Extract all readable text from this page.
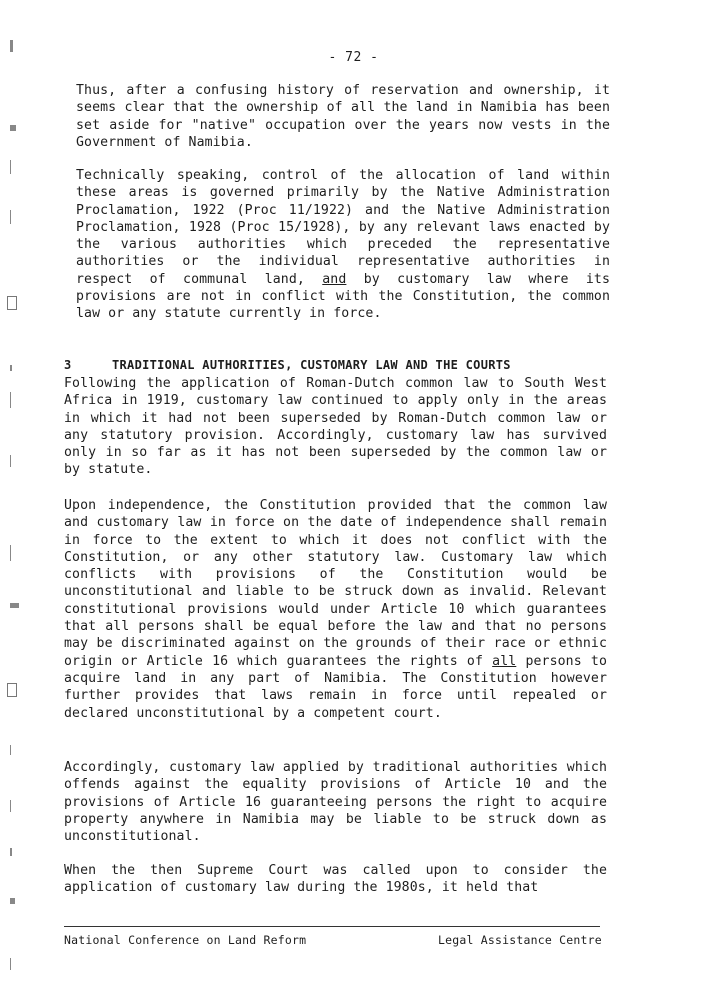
- 72 -

Thus, after a confusing history of reservation and ownership, it seems clear that the ownership of all the land in Namibia has been set aside for "native" occupation over the years now vests in the Government of Namibia.

Technically speaking, control of the allocation of land within these areas is governed primarily by the Native Administration Proclamation, 1922 (Proc 11/1922) and the Native Administration Proclamation, 1928 (Proc 15/1928), by any relevant laws enacted by the various authorities which preceded the representative authorities or the individual representative authorities in respect of communal land, and by customary law where its provisions are not in conflict with the Constitution, the common law or any statute currently in force.

3	TRADITIONAL AUTHORITIES, CUSTOMARY LAW AND THE COURTS

Following the application of Roman-Dutch common law to South West Africa in 1919, customary law continued to apply only in the areas in which it had not been superseded by Roman-Dutch common law or any statutory provision. Accordingly, customary law has survived only in so far as it has not been superseded by the common law or by statute.

Upon independence, the Constitution provided that the common law and customary law in force on the date of independence shall remain in force to the extent to which it does not conflict with the Constitution, or any other statutory law. Customary law which conflicts with provisions of the Constitution would be unconstitutional and liable to be struck down as invalid. Relevant constitutional provisions would under Article 10 which guarantees that all persons shall be equal before the law and that no persons may be discriminated against on the grounds of their race or ethnic origin or Article 16 which guarantees the rights of all persons to acquire land in any part of Namibia. The Constitution however further provides that laws remain in force until repealed or declared unconstitutional by a competent court.

Accordingly, customary law applied by traditional authorities which offends against the equality provisions of Article 10 and the provisions of Article 16 guaranteeing persons the right to acquire property anywhere in Namibia may be liable to be struck down as unconstitutional.

When the then Supreme Court was called upon to consider the application of customary law during the 1980s, it held that

National Conference on Land Reform	Legal Assistance Centre
